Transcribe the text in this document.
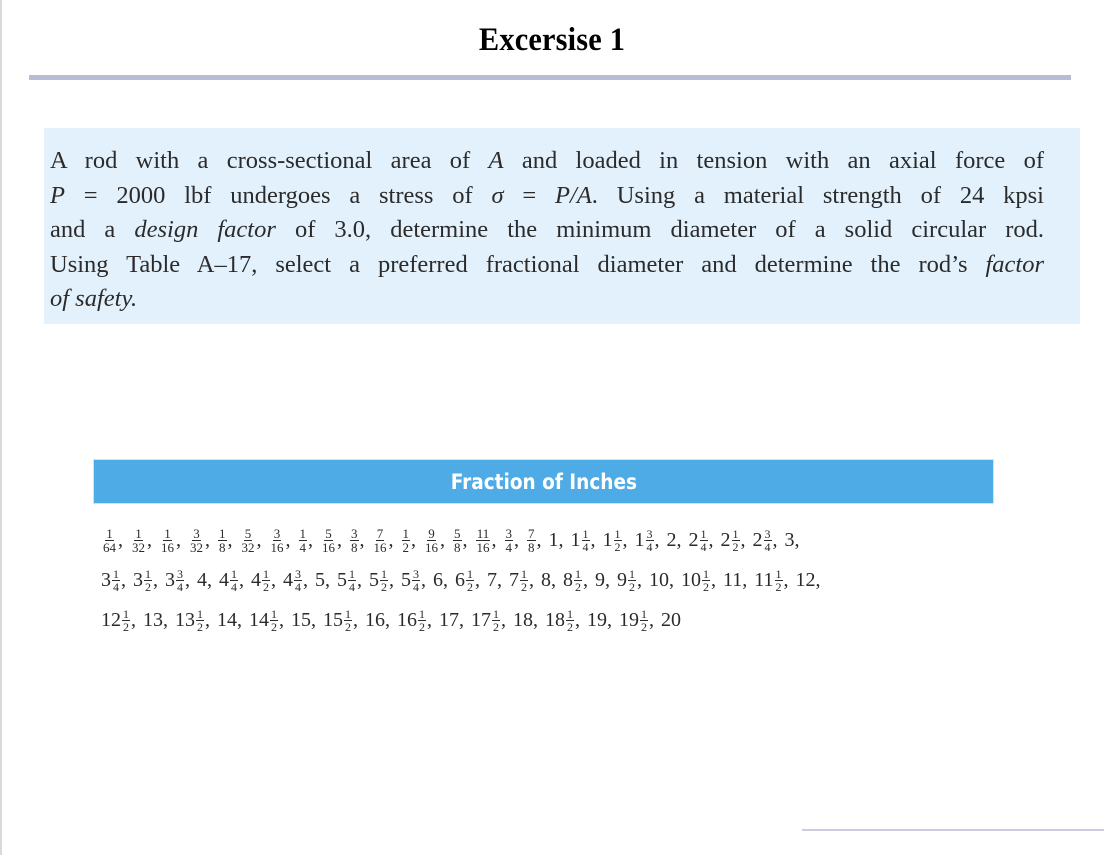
Excersise 1
A rod with a cross-sectional area of A and loaded in tension with an axial force of
P = 2000 lbf undergoes a stress of σ = P/A. Using a material strength of 24 kpsi
and a design factor of 3.0, determine the minimum diameter of a solid circular rod.
Using Table A–17, select a preferred fractional diameter and determine the rod’s factor
of safety.
Fraction of Inches
$\frac{1}{64}$ , $\frac{1}{32}$ , $\frac{1}{16}$ , $\frac{3}{32}$ , $\frac{1}{8}$ , $\frac{5}{32}$ , $\frac{3}{16}$ , $\frac{1}{4}$ , $\frac{5}{16}$ , $\frac{3}{8}$ , $\frac{7}{16}$ , $\frac{1}{2}$ , $\frac{9}{16}$ , $\frac{5}{8}$ , $\frac{11}{16}$ , $\frac{3}{4}$ , $\frac{7}{8}$ , 1 , $1 \frac{1}{4}$ , $1 \frac{1}{2}$ , $1 \frac{3}{4}$ , 2 , $2 \frac{1}{4}$ , $2 \frac{1}{2}$ , $2 \frac{3}{4}$ , 3 ,
$3 \frac{1}{4}$ , $3 \frac{1}{2}$ , $3 \frac{3}{4}$ , 4 , $4 \frac{1}{4}$ , $4 \frac{1}{2}$ , $4 \frac{3}{4}$ , 5 , $5 \frac{1}{4}$ , $5 \frac{1}{2}$ , $5 \frac{3}{4}$ , 6 , $6 \frac{1}{2}$ , 7 , $7 \frac{1}{2}$ , 8 , $8 \frac{1}{2}$ , 9 , $9 \frac{1}{2}$ , 10 , $10 \frac{1}{2}$ , 11 , $11 \frac{1}{2}$ , 12 ,
$12 \frac{1}{2}$ , 13 , $13 \frac{1}{2}$ , 14 , $14 \frac{1}{2}$ , 15 , $15 \frac{1}{2}$ , 16 , $16 \frac{1}{2}$ , 17 , $17 \frac{1}{2}$ , 18 , $18 \frac{1}{2}$ , 19 , $19 \frac{1}{2}$ , 20
